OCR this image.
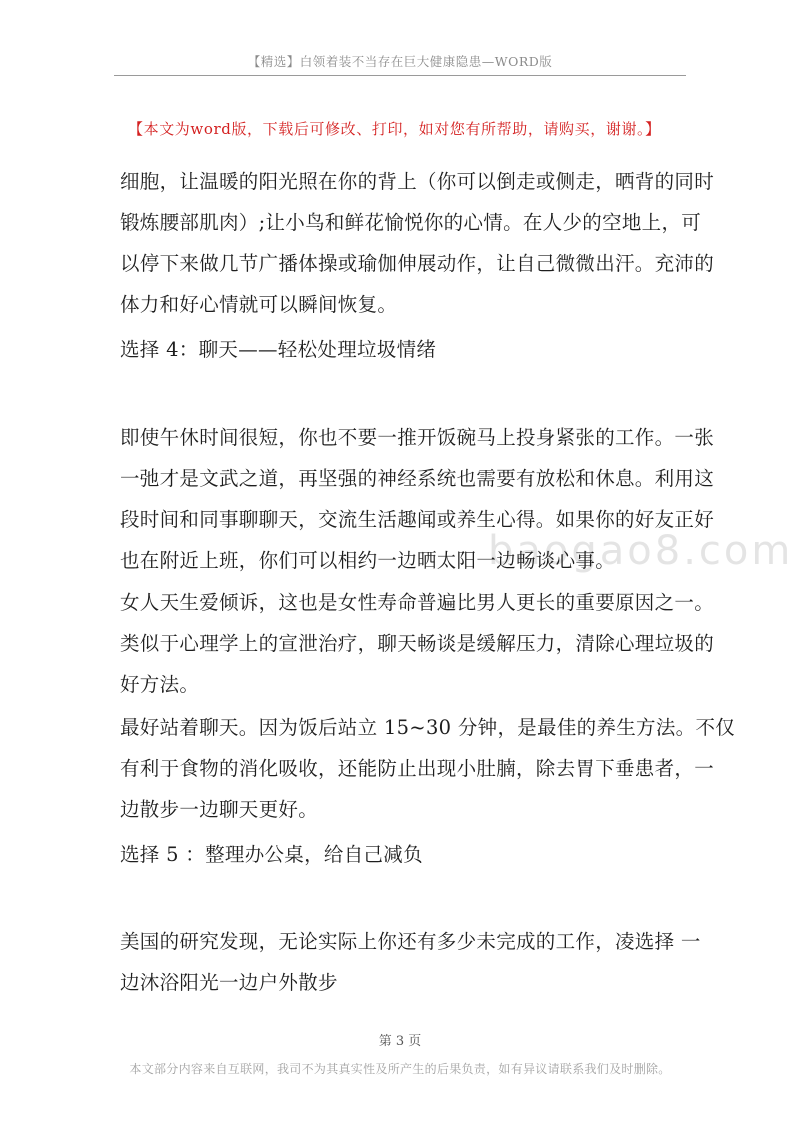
【精选】白领着装不当存在巨大健康隐患—WORD版
【本文为word版，下载后可修改、打印，如对您有所帮助，请购买，谢谢。】
baogao8.com
细胞，让温暖的阳光照在你的背上（你可以倒走或侧走，晒背的同时
锻炼腰部肌肉）;让小鸟和鲜花愉悦你的心情。在人少的空地上，可
以停下来做几节广播体操或瑜伽伸展动作，让自己微微出汗。充沛的
体力和好心情就可以瞬间恢复。
选择 4：聊天——轻松处理垃圾情绪
即使午休时间很短，你也不要一推开饭碗马上投身紧张的工作。一张
一弛才是文武之道，再坚强的神经系统也需要有放松和休息。利用这
段时间和同事聊聊天，交流生活趣闻或养生心得。如果你的好友正好
也在附近上班，你们可以相约一边晒太阳一边畅谈心事。
女人天生爱倾诉，这也是女性寿命普遍比男人更长的重要原因之一。
类似于心理学上的宣泄治疗，聊天畅谈是缓解压力，清除心理垃圾的
好方法。
最好站着聊天。因为饭后站立 15~30 分钟，是最佳的养生方法。不仅
有利于食物的消化吸收，还能防止出现小肚腩，除去胃下垂患者，一
边散步一边聊天更好。
选择 5 ：整理办公桌，给自己减负
美国的研究发现，无论实际上你还有多少未完成的工作，凌选择 一
边沐浴阳光一边户外散步
第 3 页
本文部分内容来自互联网，我司不为其真实性及所产生的后果负责，如有异议请联系我们及时删除。
